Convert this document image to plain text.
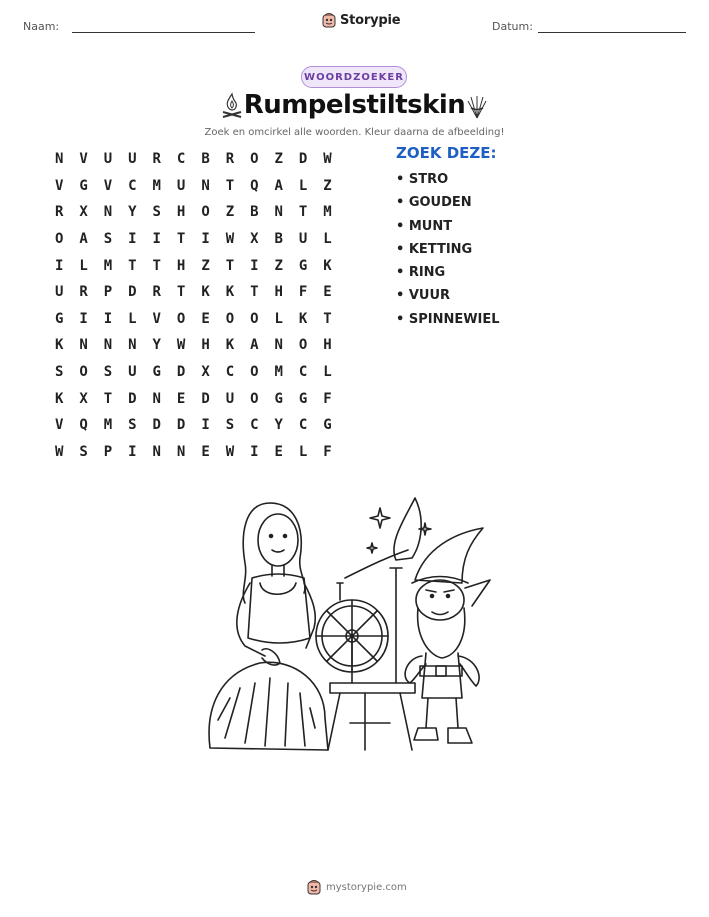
Naam:	Storypie	Datum:
WOORDZOEKER
Rumpelstiltskin
Zoek en omcirkel alle woorden. Kleur daarna de afbeelding!
N	V	U	U	R	C	B	R	O	Z	D	W
V	G	V	C	M	U	N	T	Q	A	L	Z
R	X	N	Y	S	H	O	Z	B	N	T	M
O	A	S	I	I	T	I	W	X	B	U	L
I	L	M	T	T	H	Z	T	I	Z	G	K
U	R	P	D	R	T	K	K	T	H	F	E
G	I	I	L	V	O	E	O	O	L	K	T
K	N	N	N	Y	W	H	K	A	N	O	H
S	O	S	U	G	D	X	C	O	M	C	L
K	X	T	D	N	E	D	U	O	G	G	F
V	Q	M	S	D	D	I	S	C	Y	C	G
W	S	P	I	N	N	E	W	I	E	L	F
ZOEK DEZE:
• STRO
• GOUDEN
• MUNT
• KETTING
• RING
• VUUR
• SPINNEWIEL
mystorypie.com
